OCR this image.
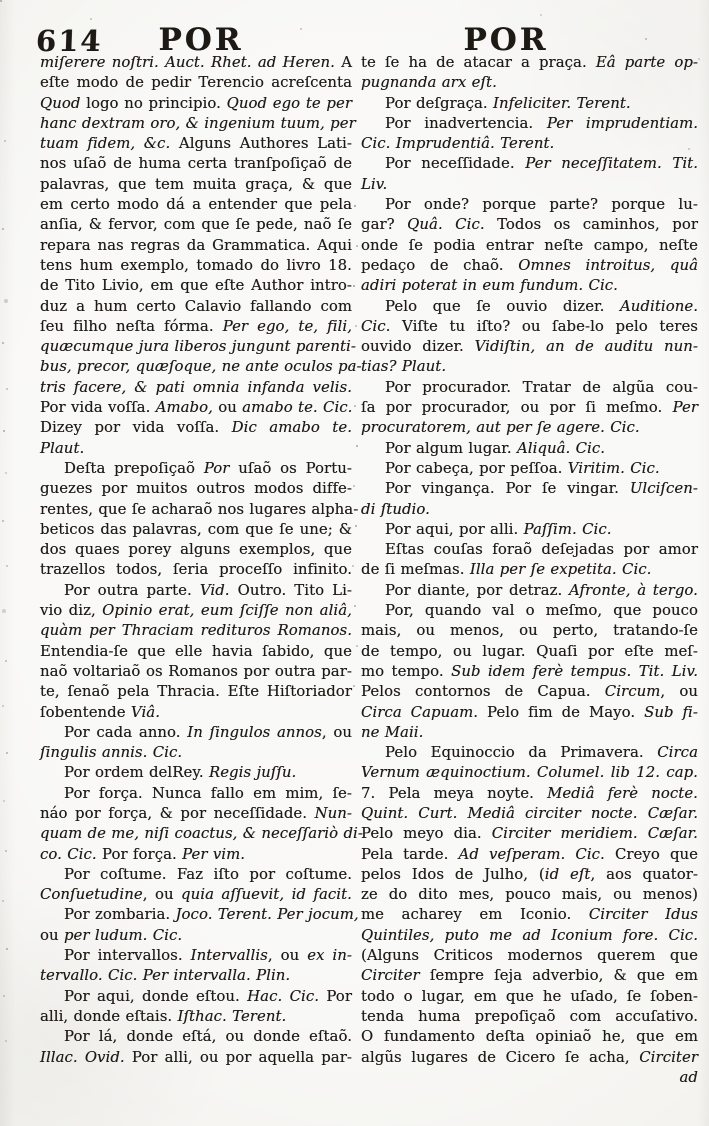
614	POR	POR
miſerere noſtri. Auct. Rhet. ad Heren. A
eſte modo de pedir Terencio acreſcenta
Quod logo no principio. Quod ego te per
hanc dextram oro, & ingenium tuum, per
tuam fidem, &c. Alguns Authores Lati-
nos uſaõ de huma certa tranſpoſiçaõ de
palavras, que tem muita graça, & que
em certo modo dá a entender que pela
anſia, & fervor, com que ſe pede, naõ ſe
repara nas regras da Grammatica. Aqui
tens hum exemplo, tomado do livro 18.
de Tito Livio, em que eſte Author intro-
duz a hum certo Calavio fallando com
ſeu filho neſta fórma. Per ego, te, fili,
quæcumque jura liberos jungunt parenti-
bus, precor, quæſoque, ne ante oculos pa-
tris facere, & pati omnia infanda velis.
Por vida voſſa. Amabo, ou amabo te. Cic.
Dizey por vida voſſa. Dic amabo te.
Plaut.
Deſta prepoſiçaõ Por uſaõ os Portu-
guezes por muitos outros modos diffe-
rentes, que ſe acharaõ nos lugares alpha-
beticos das palavras, com que ſe une; &
dos quaes porey alguns exemplos, que
trazellos todos, ſeria proceſſo infinito.
Por outra parte. Vid. Outro. Tito Li-
vio diz, Opinio erat, eum ſciſſe non aliâ,
quàm per Thraciam redituros Romanos.
Entendia-ſe que elle havia ſabido, que
naõ voltariaõ os Romanos por outra par-
te, ſenaõ pela Thracia. Eſte Hiſtoriador
ſobentende Viâ.
Por cada anno. In ſingulos annos, ou
ſingulis annis. Cic.
Por ordem delRey. Regis juſſu.
Por força. Nunca fallo em mim, ſe-
náo por força, & por neceſſidade. Nun-
quam de me, niſi coactus, & neceſſariò di-
co. Cic. Por força. Per vim.
Por coſtume. Faz iſto por coſtume.
Conſuetudine, ou quia aſſuevit, id facit.
Por zombaria. Joco. Terent. Per jocum,
ou per ludum. Cic.
Por intervallos. Intervallis, ou ex in-
tervallo. Cic. Per intervalla. Plin.
Por aqui, donde eſtou. Hac. Cic. Por
alli, donde eſtais. Iſthac. Terent.
Por lá, donde eſtá, ou donde eſtaõ.
Illac. Ovid. Por alli, ou por aquella par-
te ſe ha de atacar a praça. Eâ parte op-
pugnanda arx eſt.
Por deſgraça. Infeliciter. Terent.
Por inadvertencia. Per imprudentiam.
Cic. Imprudentiâ. Terent.
Por neceſſidade. Per neceſſitatem. Tit.
Liv.
Por onde? porque parte? porque lu-
gar? Quâ. Cic. Todos os caminhos, por
onde ſe podia entrar neſte campo, neſte
pedaço de chaõ. Omnes introitus, quâ
adiri poterat in eum fundum. Cic.
Pelo que ſe ouvio dizer. Auditione.
Cic. Viſte tu iſto? ou ſabe-lo pelo teres
ouvido dizer. Vidiſtin, an de auditu nun-
tias? Plaut.
Por procurador. Tratar de algũa cou-
ſa por procurador, ou por ſi meſmo. Per
procuratorem, aut per ſe agere. Cic.
Por algum lugar. Aliquâ. Cic.
Por cabeça, por peſſoa. Viritim. Cic.
Por vingança. Por ſe vingar. Ulciſcen-
di ſtudio.
Por aqui, por alli. Paſſim. Cic.
Eſtas couſas foraõ deſejadas por amor
de ſi meſmas. Illa per ſe expetita. Cic.
Por diante, por detraz. Afronte, à tergo.
Por, quando val o meſmo, que pouco
mais, ou menos, ou perto, tratando-ſe
de tempo, ou lugar. Quaſi por eſte meſ-
mo tempo. Sub idem ferè tempus. Tit. Liv.
Pelos contornos de Capua. Circum, ou
Circa Capuam. Pelo fim de Mayo. Sub fi-
ne Maii.
Pelo Equinoccio da Primavera. Circa
Vernum æquinoctium. Columel. lib 12. cap.
7. Pela meya noyte. Mediâ ferè nocte.
Quint. Curt. Mediâ circiter nocte. Cæſar.
Pelo meyo dia. Circiter meridiem. Cæſar.
Pela tarde. Ad veſperam. Cic. Creyo que
pelos Idos de Julho, (id eſt, aos quator-
ze do dito mes, pouco mais, ou menos)
me acharey em Iconio. Circiter Idus
Quintiles, puto me ad Iconium fore. Cic.
(Alguns Criticos modernos querem que
Circiter ſempre ſeja adverbio, & que em
todo o lugar, em que he uſado, ſe ſoben-
tenda huma prepoſiçaõ com accuſativo.
O fundamento deſta opiniaõ he, que em
algũs lugares de Cicero ſe acha, Circiter
ad
